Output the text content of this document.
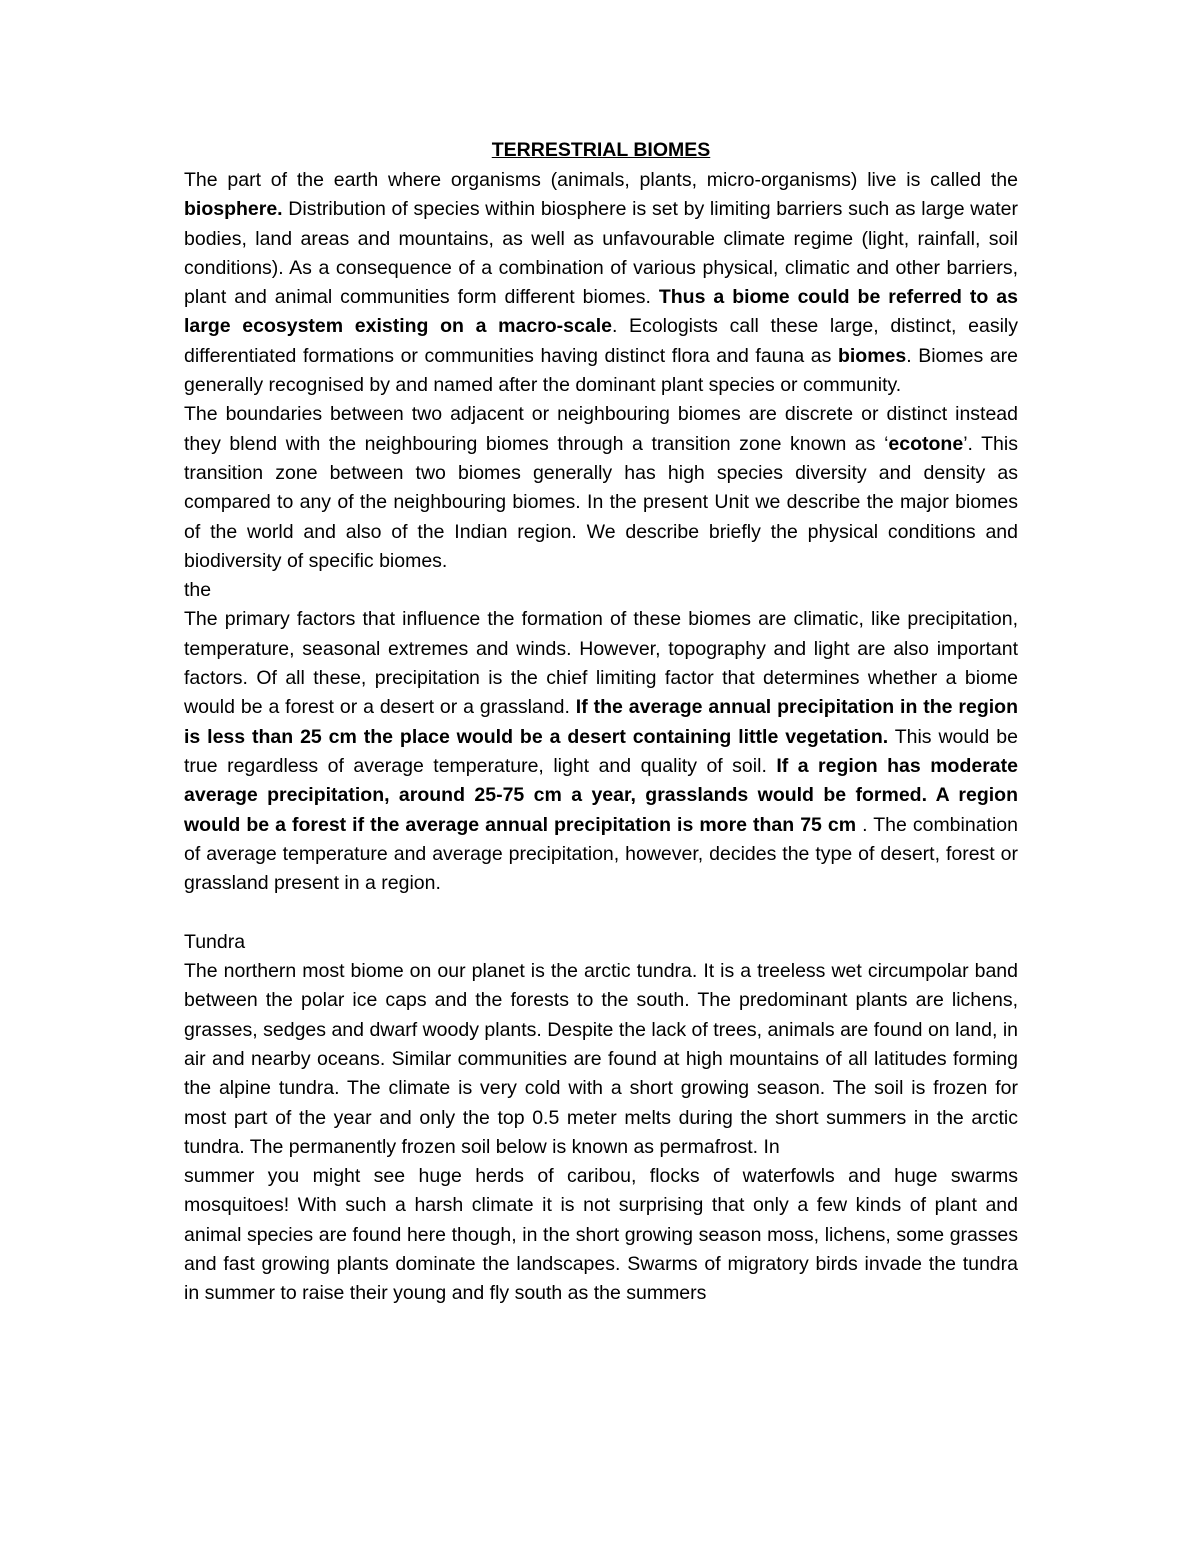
TERRESTRIAL BIOMES

The part of the earth where organisms (animals, plants, micro-organisms) live is called the biosphere. Distribution of species within biosphere is set by limiting barriers such as large water bodies, land areas and mountains, as well as unfavourable climate regime (light, rainfall, soil conditions). As a consequence of a combination of various physical, climatic and other barriers, plant and animal communities form different biomes. Thus a biome could be referred to as large ecosystem existing on a macro-scale. Ecologists call these large, distinct, easily differentiated formations or communities having distinct flora and fauna as biomes. Biomes are generally recognised by and named after the dominant plant species or community.

The boundaries between two adjacent or neighbouring biomes are discrete or distinct instead they blend with the neighbouring biomes through a transition zone known as ‘ecotone’. This transition zone between two biomes generally has high species diversity and density as compared to any of the neighbouring biomes. In the present Unit we describe the major biomes of the world and also of the Indian region. We describe briefly the physical conditions and biodiversity of specific biomes.

the

The primary factors that influence the formation of these biomes are climatic, like precipitation, temperature, seasonal extremes and winds. However, topography and light are also important factors. Of all these, precipitation is the chief limiting factor that determines whether a biome would be a forest or a desert or a grassland. If the average annual precipitation in the region is less than 25 cm the place would be a desert containing little vegetation. This would be true regardless of average temperature, light and quality of soil. If a region has moderate average precipitation, around 25-75 cm a year, grasslands would be formed. A region would be a forest if the average annual precipitation is more than 75 cm . The combination of average temperature and average precipitation, however, decides the type of desert, forest or grassland present in a region.

Tundra

The northern most biome on our planet is the arctic tundra. It is a treeless wet circumpolar band between the polar ice caps and the forests to the south. The predominant plants are lichens, grasses, sedges and dwarf woody plants. Despite the lack of trees, animals are found on land, in air and nearby oceans. Similar communities are found at high mountains of all latitudes forming the alpine tundra. The climate is very cold with a short growing season. The soil is frozen for most part of the year and only the top 0.5 meter melts during the short summers in the arctic tundra. The permanently frozen soil below is known as permafrost. In

summer you might see huge herds of caribou, flocks of waterfowls and huge swarms mosquitoes! With such a harsh climate it is not surprising that only a few kinds of plant and animal species are found here though, in the short growing season moss, lichens, some grasses and fast growing plants dominate the landscapes. Swarms of migratory birds invade the tundra in summer to raise their young and fly south as the summers
